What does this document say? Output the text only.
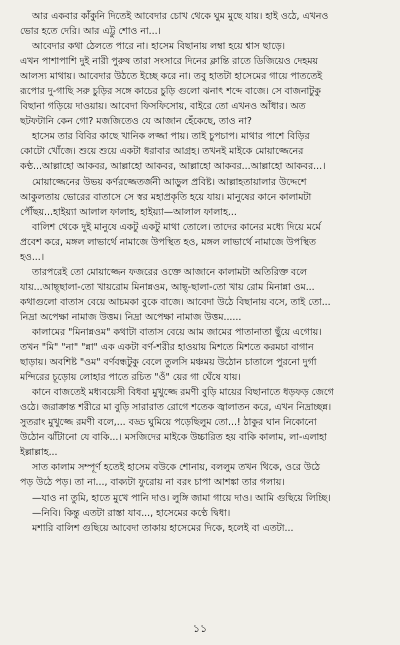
আর একবার কাঁকুনি দিতেই আবেদার চোখ থেকে ঘুম মুছে যায়। হাই ওঠে, এখনও
ভোর হতে দেরি। আর এট্টু শোও না...।
আবেদার কথা ঠেলতে পারে না। হাসেম বিছানায় লম্বা হয়ে শ্বাস ছাড়ে।
এখন পাশাপাশি দুই নারী পুরুষ তারা সংসারে দিনের ক্লান্তি রাতে ডিজিয়েও দেহময়
আলস্য মাথায়। আবেদার উঠতে ইচ্ছে করে না। তবু হাতটা হাসেমের গায়ে পাততেই
রূপোর দু-গাছি সরু চুড়ির সঙ্গে কাচের চুড়ি গুলো ঝনাৎ শব্দে বাজে। সে বাজনাটুকু
বিছানা গড়িয়ে দাওয়ায়। আবেদা ফিসফিসোয়, বাইরে তো এখনও আঁধার। অত
ছটফটানি কেন গো? মজজিতেও যে আজান হেঁকেছে, তাও না?
হাসেম তার বিবির কাছে খানিক লজ্জা পায়। তাই চুপচাপ। মাথার পাশে বিড়ির
কোটো খোঁজে। শুয়ে শুয়ে একটা ধরাবার আগ্রহ। তখনই মাইকে মোয়াজ্জেনের
কণ্ঠ...আল্লাহো আকবর, আল্লাহো আকবর, আল্লাহো আকবর...আল্লাহো আকবর...।
মোয়াজ্জেনের উভয় কর্ণরজ্জেতর্জনী আড়ুল প্রবিষ্ট। আল্লাহতায়ালার উদ্দেশে
আকুলতায় ভোরের বাতাসে সে স্বর মহাপ্রকৃতি হয়ে যায়। মানুষের কানে কালামটা
পৌঁছয়...হাইয়্যা আলাল ফালাহ, হাইয়্যা—আলাল ফালাহ...
বালিশ থেকে দুই মানুষে একটু একটু মাথা তোলে। তাদের কানের মধ্যে দিয়ে মর্মে
প্রবেশ করে, মঙ্গল লাভার্থে নামাজে উপস্থিত হও, মঙ্গল লাভার্থে নামাজে উপস্থিত
হও...।
তারপরেই তো মোয়াজ্জেন ফজরের ওক্তে আজানে কালামটা অতিরিক্ত বলে
যায়...আছ্‌ছালা-তো খায়রোম মিনান্নওম, আছ্‌-ছালা-তো খায় রোম মিনান্না ওম...
কথাগুলো বাতাস বেয়ে আচমকা বুকে বাজে। আবেদা উঠে বিছানায় বসে, তাই তো...
নিদ্রা অপেক্ষা নামাজ উত্তম। নিদ্রা অপেক্ষা নামাজ উত্তম......
কালামের "মিনান্নওম" কথাটা বাতাস বেয়ে আম জামের পাতানাতা ছুঁয়ে এগোয়।
তখন "মি" "না" "ন্না" এক একটা বর্ণ-শরীর হাওয়ায় মিশতে মিশতে করমচা বাগান
ছাড়ায়। অবশিষ্ট "ওম" বর্ণবন্ধটুকু বেলে তুলসি মঞ্চময় উঠোন চাতালে পুরনো দুর্গা
মন্দিরের চূড়োয় লোহার পাতে রচিত "ওঁ" য়ের গা ঘেঁষে যায়।
কানে বাজতেই মধ্যবয়েসী বিধবা মুখুজ্জে রমণী বুড়ি মায়ের বিছানাতে ধড়ফড় জেগে
ওঠে। জরাক্রান্ত শরীরে মা বুড়ি সারারাত রোগে শতেক জ্বালাতন করে, এখন নিদ্রাচ্ছন্ন।
সুতরাং মুখুজ্জে রমণী বলে,... বড্ড ঘুমিয়ে পড়েছিলুম তো...! ঠাকুর ঘান নিকোনো
উঠোন ঝাঁটানো যে বাকি...। মসজিদের মাইকে উচ্চারিত হয় বাকি কালাম, লা-এলাহা
ইল্লাল্লাহ...
সাত কালাম সম্পূর্ণ হতেই হাসেম বউকে শোনায়, বললুম তখন থিকে, ওরে উঠে
পড় উঠে পড়। তা না..., বাক্যটা ফুরোয় না বরং চাপা আশঙ্কা তার গলায়।
—যাও না তুমি, হাতে মুখে পানি দাও। লুঙ্গি জামা গায়ে দাও। আমি গুছিয়ে লিচ্ছি।
—নিবি। কিন্তু এতটা রাস্তা যাব..., হাসেমের কণ্ঠে দ্বিধা।
মশারি বালিশ গুছিয়ে আবেদা তাকায় হাসেমের দিকে, হলেই বা এতটা...
১১
